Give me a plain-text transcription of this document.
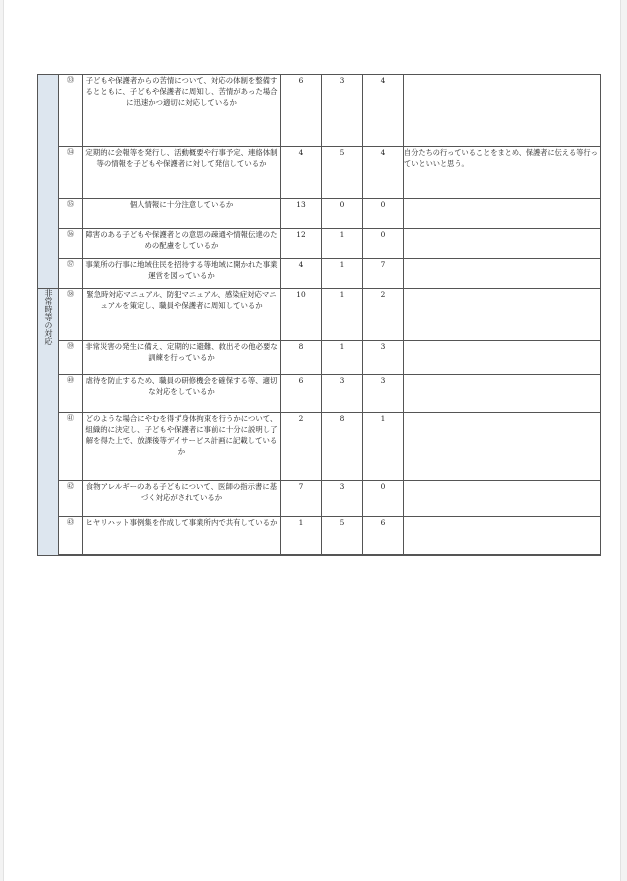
	㉝	子どもや保護者からの苦情について、対応の体制を整備するとともに、子どもや保護者に周知し、苦情があった場合に迅速かつ適切に対応しているか	6	3	4	
	㉞	定期的に会報等を発行し、活動概要や行事予定、連絡体制等の情報を子どもや保護者に対して発信しているか	4	5	4	自分たちの行っていることをまとめ、保護者に伝える等行っていといいと思う。
	㉟	個人情報に十分注意しているか	13	0	0	
	㊱	障害のある子どもや保護者との意思の疎通や情報伝達のための配慮をしているか	12	1	0	
	㊲	事業所の行事に地域住民を招待する等地域に開かれた事業運営を図っているか	4	1	7	
非常時等の対応	㊳	緊急時対応マニュアル、防犯マニュアル、感染症対応マニュアルを策定し、職員や保護者に周知しているか	10	1	2	
	㊴	非常災害の発生に備え、定期的に避難、救出その他必要な訓練を行っているか	8	1	3	
	㊵	虐待を防止するため、職員の研修機会を確保する等、適切な対応をしているか	6	3	3	
	㊶	どのような場合にやむを得ず身体拘束を行うかについて、組織的に決定し、子どもや保護者に事前に十分に説明し了解を得た上で、放課後等デイサービス計画に記載しているか	2	8	1	
	㊷	食物アレルギーのある子どもについて、医師の指示書に基づく対応がされているか	7	3	0	
	㊸	ヒヤリハット事例集を作成して事業所内で共有しているか	1	5	6	
